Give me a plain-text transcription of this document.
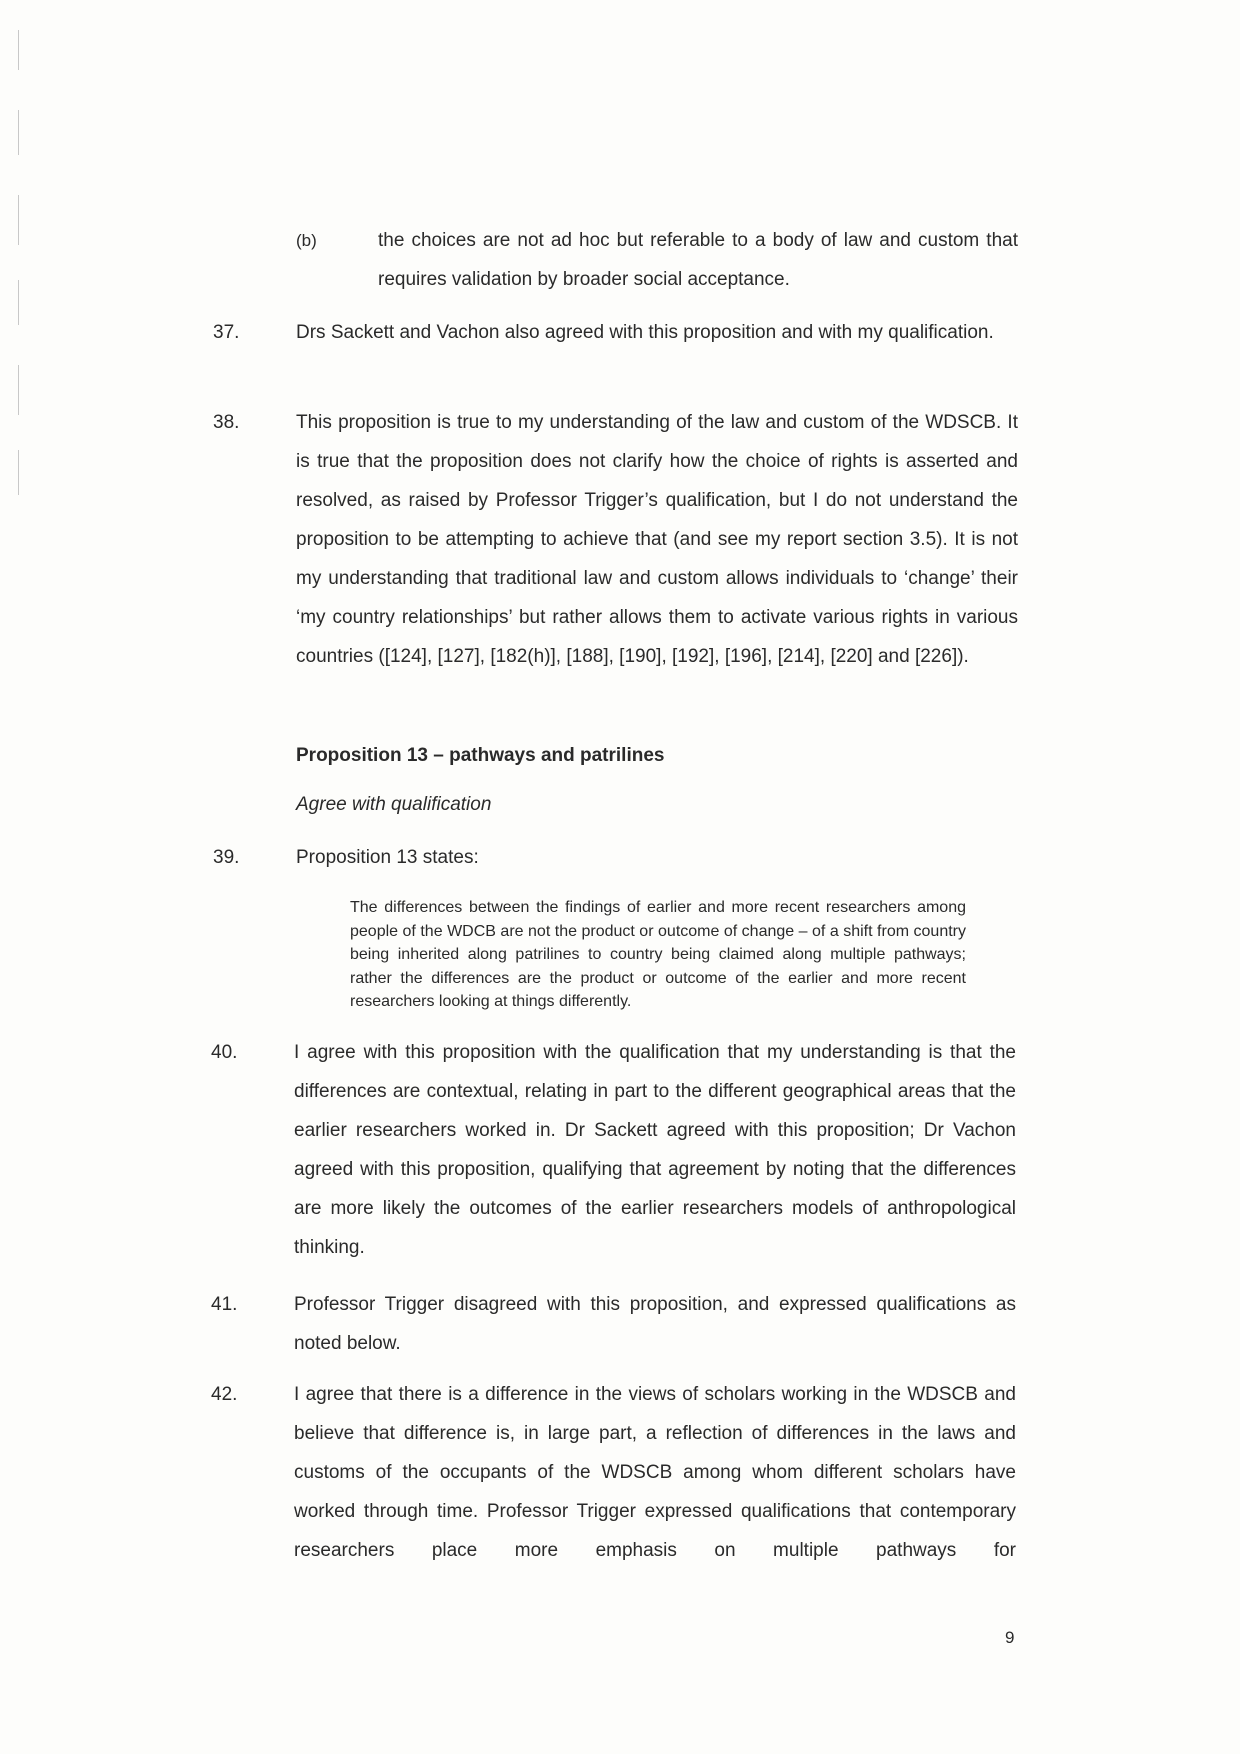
(b)	the choices are not ad hoc but referable to a body of law and custom that requires validation by broader social acceptance.
37.	Drs Sackett and Vachon also agreed with this proposition and with my qualification.
38.	This proposition is true to my understanding of the law and custom of the WDSCB. It is true that the proposition does not clarify how the choice of rights is asserted and resolved, as raised by Professor Trigger’s qualification, but I do not understand the proposition to be attempting to achieve that (and see my report section 3.5). It is not my understanding that traditional law and custom allows individuals to ‘change’ their ‘my country relationships’ but rather allows them to activate various rights in various countries ([124], [127], [182(h)], [188], [190], [192], [196], [214], [220] and [226]).
Proposition 13 – pathways and patrilines
Agree with qualification
39.	Proposition 13 states:
The differences between the findings of earlier and more recent researchers among people of the WDCB are not the product or outcome of change – of a shift from country being inherited along patrilines to country being claimed along multiple pathways; rather the differences are the product or outcome of the earlier and more recent researchers looking at things differently.
40.	I agree with this proposition with the qualification that my understanding is that the differences are contextual, relating in part to the different geographical areas that the earlier researchers worked in. Dr Sackett agreed with this proposition; Dr Vachon agreed with this proposition, qualifying that agreement by noting that the differences are more likely the outcomes of the earlier researchers models of anthropological thinking.
41.	Professor Trigger disagreed with this proposition, and expressed qualifications as noted below.
42.	I agree that there is a difference in the views of scholars working in the WDSCB and believe that difference is, in large part, a reflection of differences in the laws and customs of the occupants of the WDSCB among whom different scholars have worked through time. Professor Trigger expressed qualifications that contemporary researchers place more emphasis on multiple pathways for
9
